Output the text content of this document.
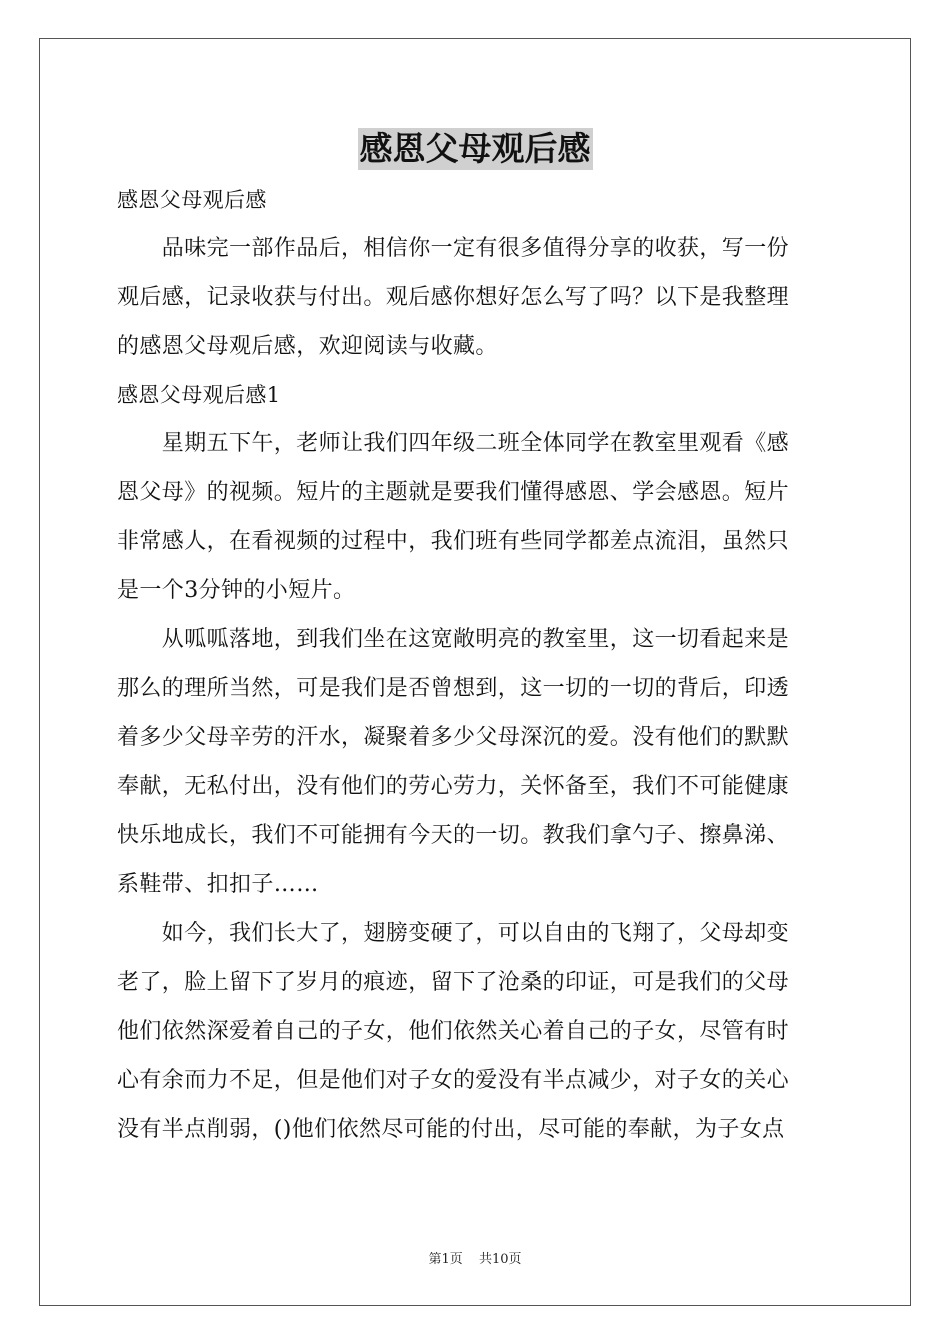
感恩父母观后感
感恩父母观后感
　　品味完一部作品后，相信你一定有很多值得分享的收获，写一份
观后感，记录收获与付出。观后感你想好怎么写了吗？以下是我整理
的感恩父母观后感，欢迎阅读与收藏。
感恩父母观后感1
　　星期五下午，老师让我们四年级二班全体同学在教室里观看《感
恩父母》的视频。短片的主题就是要我们懂得感恩、学会感恩。短片
非常感人，在看视频的过程中，我们班有些同学都差点流泪，虽然只
是一个3分钟的小短片。
　　从呱呱落地，到我们坐在这宽敞明亮的教室里，这一切看起来是
那么的理所当然，可是我们是否曾想到，这一切的一切的背后，印透
着多少父母辛劳的汗水，凝聚着多少父母深沉的爱。没有他们的默默
奉献，无私付出，没有他们的劳心劳力，关怀备至，我们不可能健康
快乐地成长，我们不可能拥有今天的一切。教我们拿勺子、擦鼻涕、
系鞋带、扣扣子……
　　如今，我们长大了，翅膀变硬了，可以自由的飞翔了，父母却变
老了，脸上留下了岁月的痕迹，留下了沧桑的印证，可是我们的父母
他们依然深爱着自己的子女，他们依然关心着自己的子女，尽管有时
心有余而力不足，但是他们对子女的爱没有半点减少，对子女的关心
没有半点削弱，()他们依然尽可能的付出，尽可能的奉献，为子女点
第1页 共10页
